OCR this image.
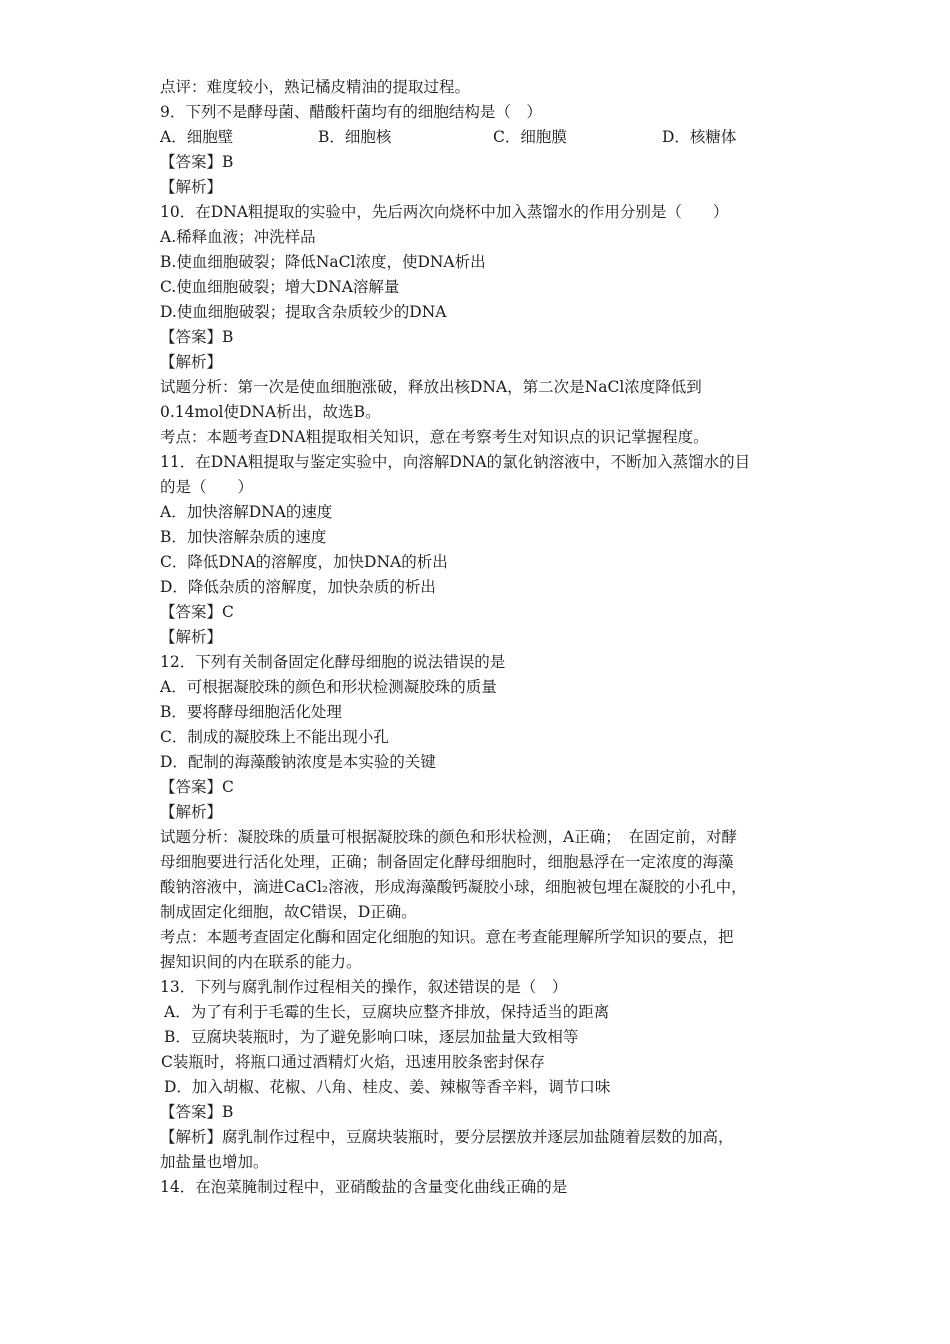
点评：难度较小，熟记橘皮精油的提取过程。
9．下列不是酵母菌、醋酸杆菌均有的细胞结构是（　）
A．细胞壁	B．细胞核	C．细胞膜	D．核糖体
【答案】B
【解析】
10．在DNA粗提取的实验中，先后两次向烧杯中加入蒸馏水的作用分别是（　　）
A.稀释血液；冲洗样品
B.使血细胞破裂；降低NaCl浓度，使DNA析出
C.使血细胞破裂；增大DNA溶解量
D.使血细胞破裂；提取含杂质较少的DNA
【答案】B
【解析】
试题分析：第一次是使血细胞涨破，释放出核DNA，第二次是NaCl浓度降低到
0.14mol使DNA析出，故选B。
考点：本题考查DNA粗提取相关知识，意在考察考生对知识点的识记掌握程度。
11．在DNA粗提取与鉴定实验中，向溶解DNA的氯化钠溶液中，不断加入蒸馏水的目
的是（　　）
A．加快溶解DNA的速度
B．加快溶解杂质的速度
C．降低DNA的溶解度，加快DNA的析出
D．降低杂质的溶解度，加快杂质的析出
【答案】C
【解析】
12．下列有关制备固定化酵母细胞的说法错误的是
A．可根据凝胶珠的颜色和形状检测凝胶珠的质量
B．要将酵母细胞活化处理
C．制成的凝胶珠上不能出现小孔
D．配制的海藻酸钠浓度是本实验的关键
【答案】C
【解析】
试题分析：凝胶珠的质量可根据凝胶珠的颜色和形状检测，A正确；　在固定前，对酵
母细胞要进行活化处理，正确；制备固定化酵母细胞时，细胞悬浮在一定浓度的海藻
酸钠溶液中，滴进CaCl₂溶液，形成海藻酸钙凝胶小球，细胞被包埋在凝胶的小孔中，
制成固定化细胞，故C错误，D正确。
考点：本题考查固定化酶和固定化细胞的知识。意在考查能理解所学知识的要点，把
握知识间的内在联系的能力。
13．下列与腐乳制作过程相关的操作，叙述错误的是（　）
A．为了有利于毛霉的生长，豆腐块应整齐排放，保持适当的距离
B．豆腐块装瓶时，为了避免影响口味，逐层加盐量大致相等
C装瓶时，将瓶口通过酒精灯火焰，迅速用胶条密封保存
D．加入胡椒、花椒、八角、桂皮、姜、辣椒等香辛料，调节口味
【答案】B
【解析】腐乳制作过程中，豆腐块装瓶时，要分层摆放并逐层加盐随着层数的加高，
加盐量也增加。
14．在泡菜腌制过程中，亚硝酸盐的含量变化曲线正确的是
